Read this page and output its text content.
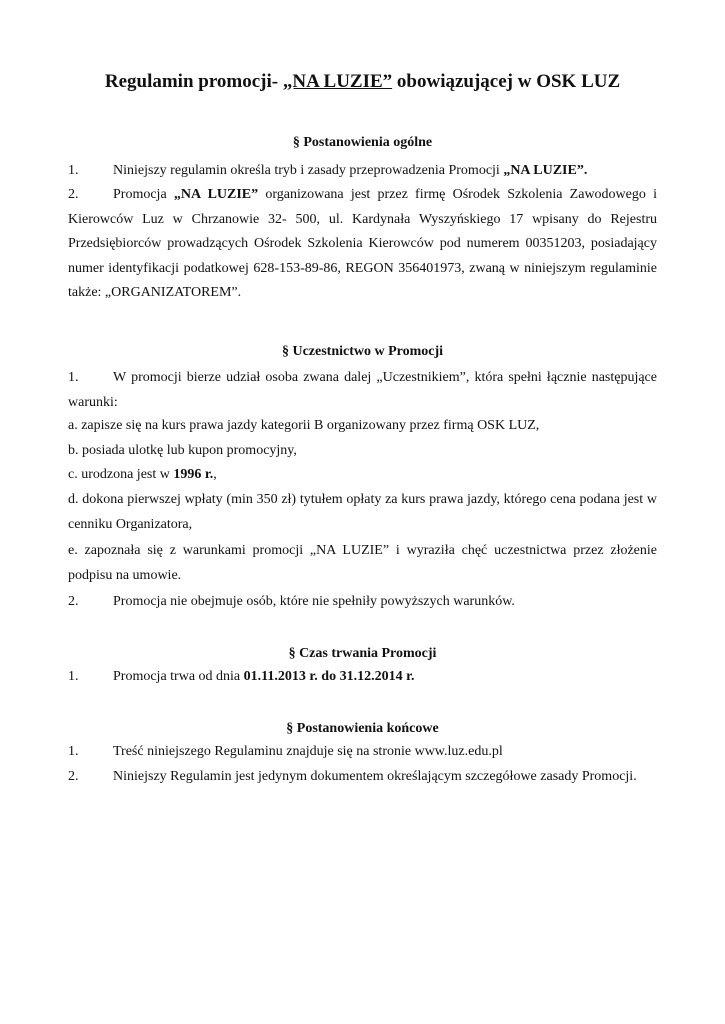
Regulamin promocji- „NA LUZIE” obowiązującej w OSK LUZ
§ Postanowienia ogólne
1. Niniejszy regulamin określa tryb i zasady przeprowadzenia Promocji „NA LUZIE”.
2. Promocja „NA LUZIE” organizowana jest przez firmę Ośrodek Szkolenia Zawodowego i Kierowców Luz w Chrzanowie 32- 500, ul. Kardynała Wyszyńskiego 17 wpisany do Rejestru Przedsiębiorców prowadzących Ośrodek Szkolenia Kierowców pod numerem 00351203, posiadający numer identyfikacji podatkowej 628-153-89-86, REGON 356401973, zwaną w niniejszym regulaminie także: „ORGANIZATOREM”.
§ Uczestnictwo w Promocji
1. W promocji bierze udział osoba zwana dalej „Uczestnikiem”, która spełni łącznie następujące warunki:
a. zapisze się na kurs prawa jazdy kategorii B organizowany przez firmą OSK LUZ,
b. posiada ulotkę lub kupon promocyjny,
c. urodzona jest w 1996 r.,
d. dokona pierwszej wpłaty (min 350 zł) tytułem opłaty za kurs prawa jazdy, którego cena podana jest w cenniku Organizatora,
e. zapoznała się z warunkami promocji „NA LUZIE” i wyraziła chęć uczestnictwa przez złożenie podpisu na umowie.
2. Promocja nie obejmuje osób, które nie spełniły powyższych warunków.
§ Czas trwania Promocji
1. Promocja trwa od dnia 01.11.2013 r. do 31.12.2014 r.
§ Postanowienia końcowe
1. Treść niniejszego Regulaminu znajduje się na stronie www.luz.edu.pl
2. Niniejszy Regulamin jest jedynym dokumentem określającym szczegółowe zasady Promocji.
